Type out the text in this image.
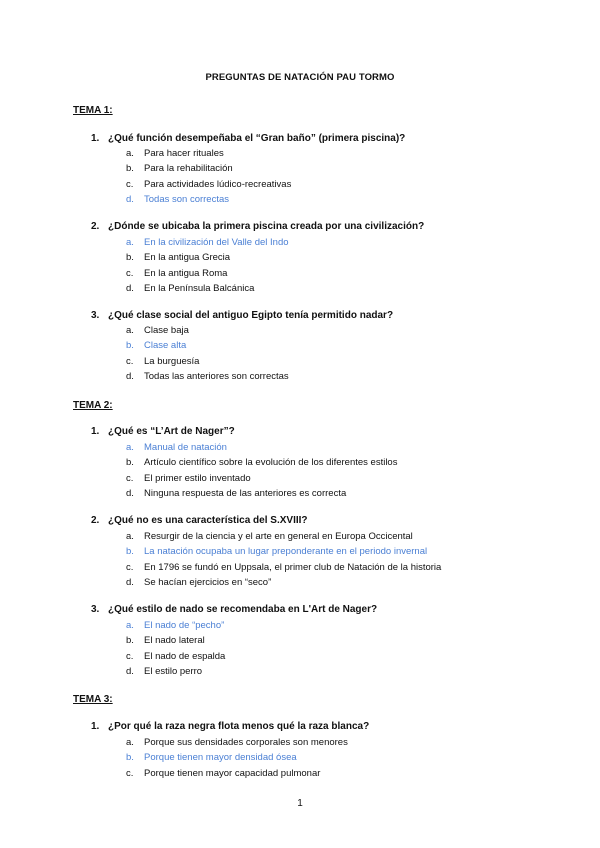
PREGUNTAS DE NATACIÓN PAU TORMO
TEMA 1:
1. ¿Qué función desempeñaba el “Gran baño” (primera piscina)?
a. Para hacer rituales
b. Para la rehabilitación
c. Para actividades lúdico-recreativas
d. Todas son correctas
2. ¿Dónde se ubicaba la primera piscina creada por una civilización?
a. En la civilización del Valle del Indo
b. En la antigua Grecia
c. En la antigua Roma
d. En la Península Balcánica
3. ¿Qué clase social del antiguo Egipto tenía permitido nadar?
a. Clase baja
b. Clase alta
c. La burguesía
d. Todas las anteriores son correctas
TEMA 2:
1. ¿Qué es “L’Art de Nager”?
a. Manual de natación
b. Artículo científico sobre la evolución de los diferentes estilos
c. El primer estilo inventado
d. Ninguna respuesta de las anteriores es correcta
2. ¿Qué no es una característica del S.XVIII?
a. Resurgir de la ciencia y el arte en general en Europa Occicental
b. La natación ocupaba un lugar preponderante en el periodo invernal
c. En 1796 se fundó en Uppsala, el primer club de Natación de la historia
d. Se hacían ejercicios en “seco”
3. ¿Qué estilo de nado se recomendaba en L'Art de Nager?
a. El nado de “pecho”
b. El nado lateral
c. El nado de espalda
d. El estilo perro
TEMA 3:
1. ¿Por qué la raza negra flota menos qué la raza blanca?
a. Porque sus densidades corporales son menores
b. Porque tienen mayor densidad ósea
c. Porque tienen mayor capacidad pulmonar
1
